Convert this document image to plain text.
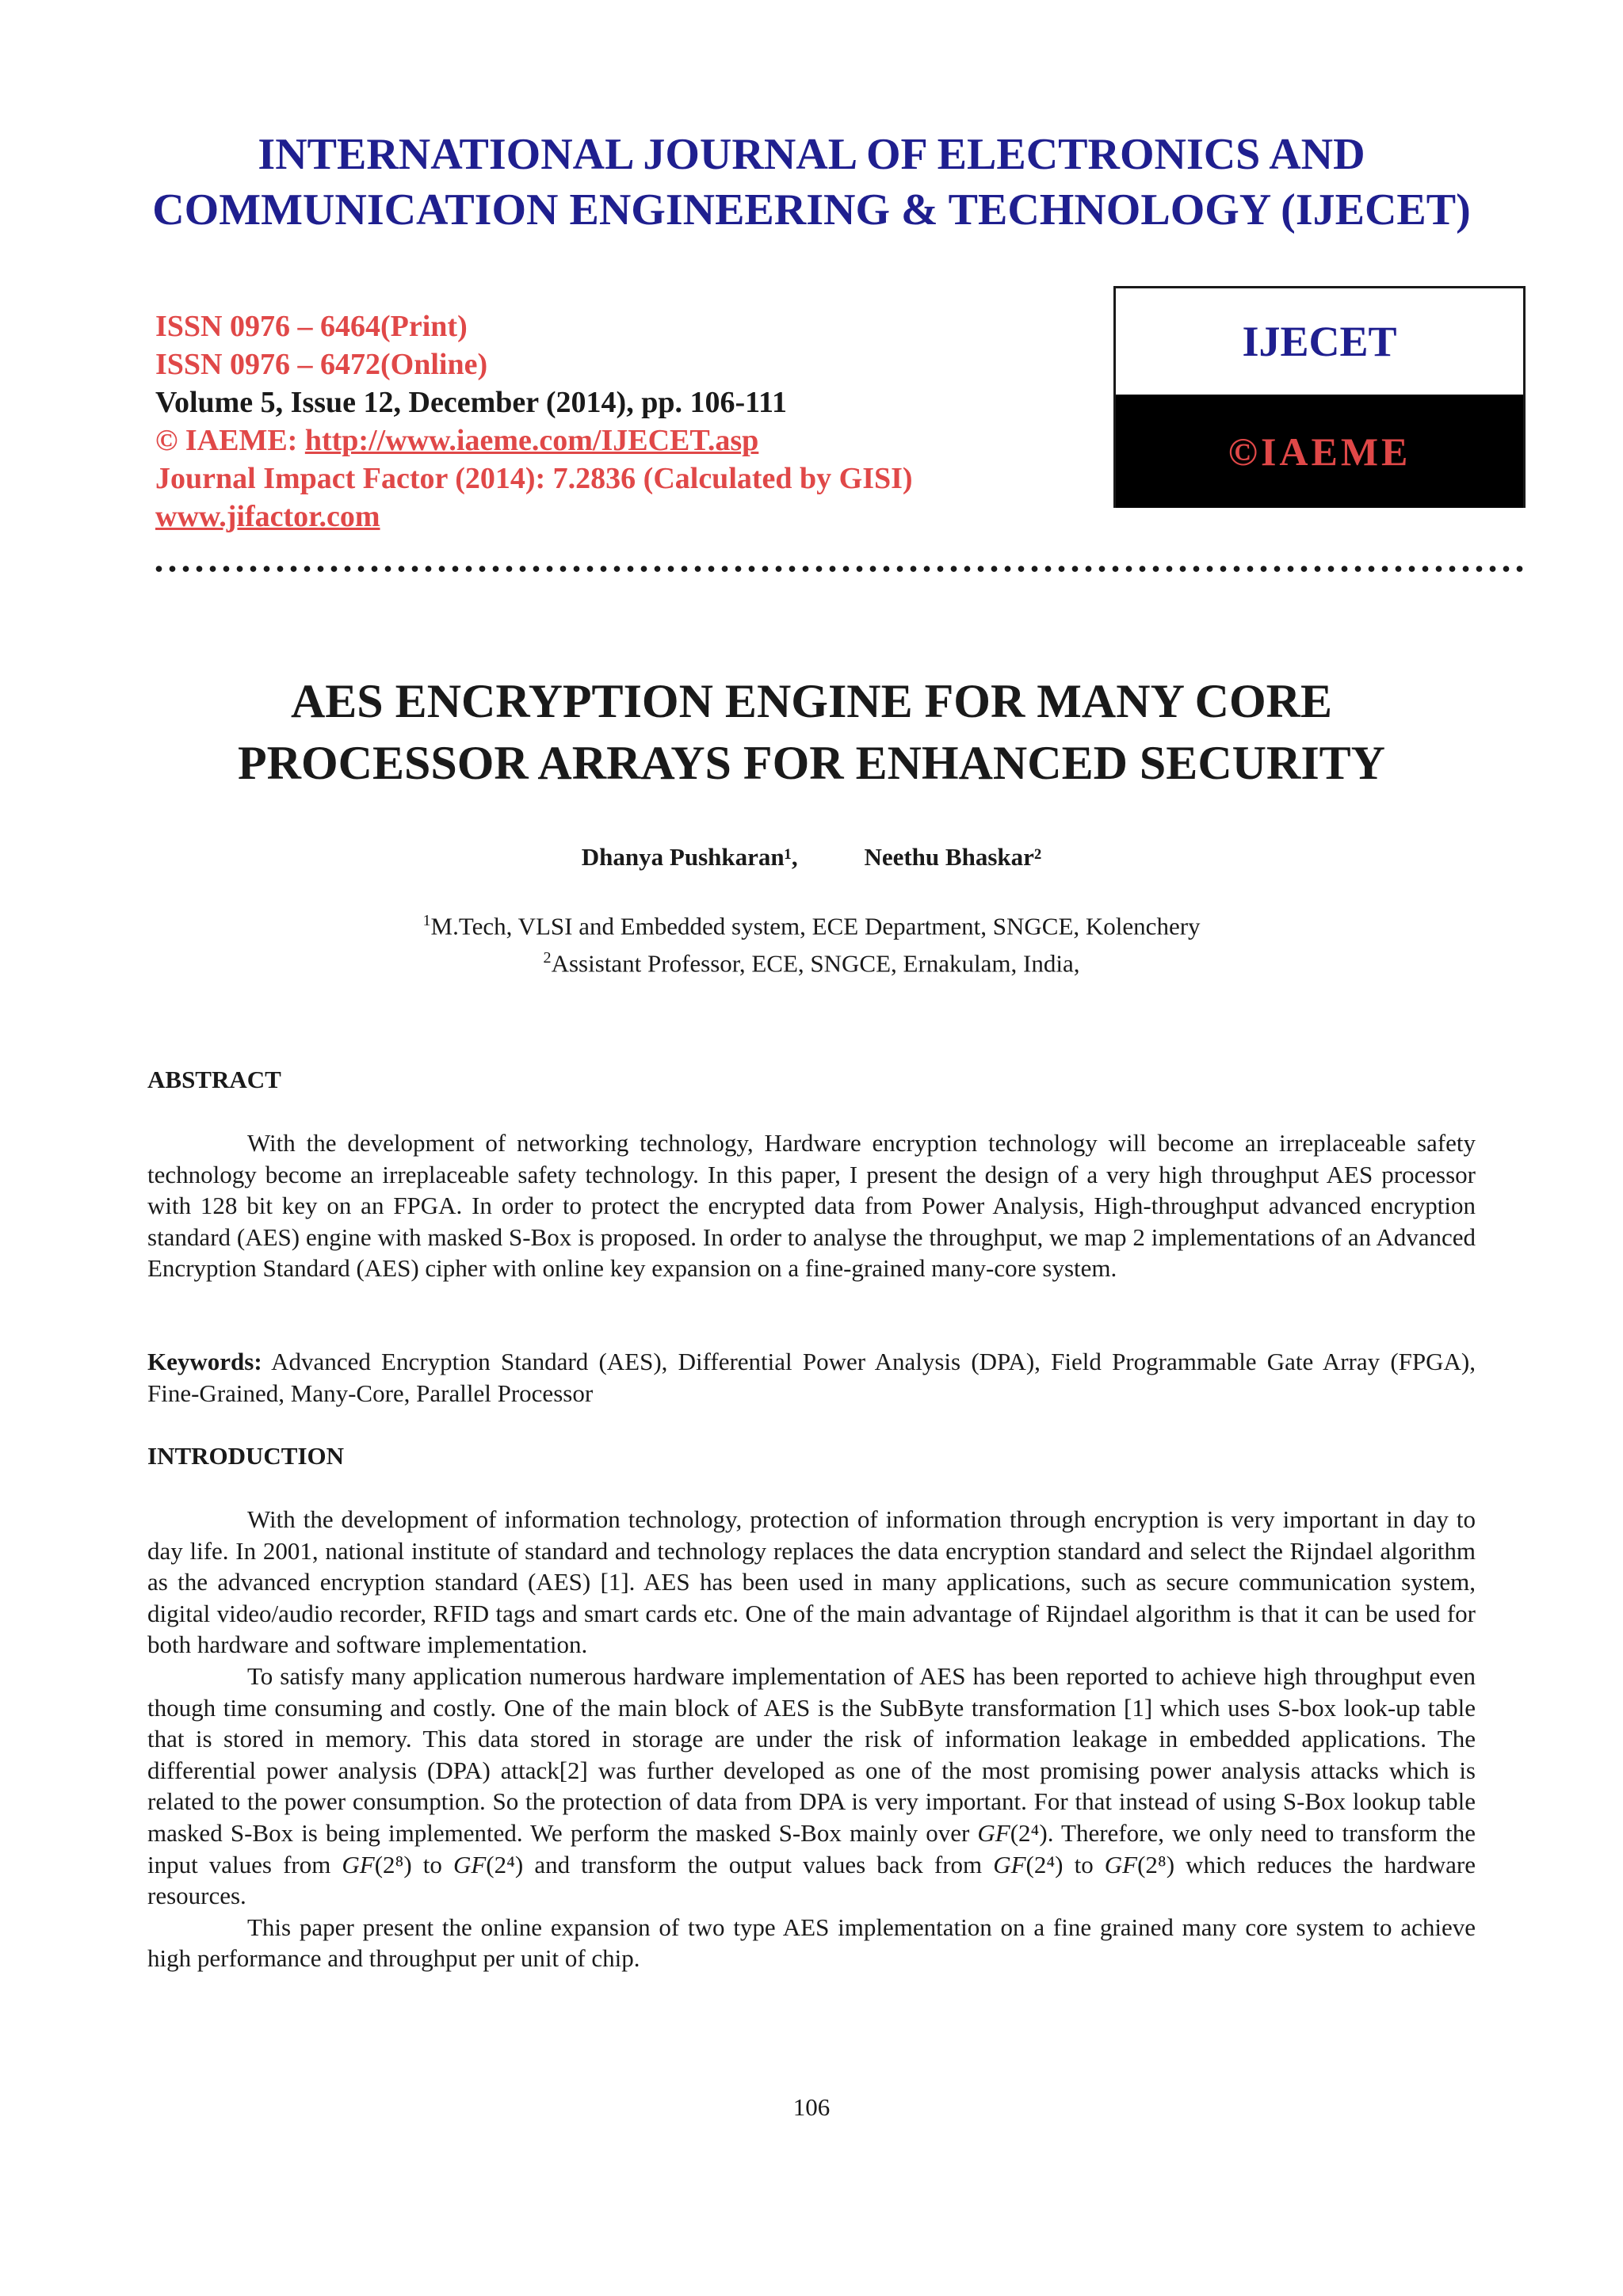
INTERNATIONAL JOURNAL OF ELECTRONICS AND
COMMUNICATION ENGINEERING & TECHNOLOGY (IJECET)
ISSN 0976 – 6464(Print)
ISSN 0976 – 6472(Online)
Volume 5, Issue 12, December (2014), pp. 106-111
© IAEME: http://www.iaeme.com/IJECET.asp
Journal Impact Factor (2014): 7.2836 (Calculated by GISI)
www.jifactor.com
IJECET
©IAEME
AES ENCRYPTION ENGINE FOR MANY CORE
PROCESSOR ARRAYS FOR ENHANCED SECURITY
Dhanya Pushkaran¹,	Neethu Bhaskar²
$^1$M.Tech, VLSI and Embedded system, ECE Department, SNGCE, Kolenchery
$^2$Assistant Professor, ECE, SNGCE, Ernakulam, India,
ABSTRACT
With the development of networking technology, Hardware encryption technology will become an irreplaceable safety technology become an irreplaceable safety technology. In this paper, I present the design of a very high throughput AES processor with 128 bit key on an FPGA. In order to protect the encrypted data from Power Analysis, High-throughput advanced encryption standard (AES) engine with masked S-Box is proposed. In order to analyse the throughput, we map 2 implementations of an Advanced Encryption Standard (AES) cipher with online key expansion on a fine-grained many-core system.
Keywords: Advanced Encryption Standard (AES), Differential Power Analysis (DPA), Field Programmable Gate Array (FPGA), Fine-Grained, Many-Core, Parallel Processor
INTRODUCTION
With the development of information technology, protection of information through encryption is very important in day to day life. In 2001, national institute of standard and technology replaces the data encryption standard and select the Rijndael algorithm as the advanced encryption standard (AES) [1]. AES has been used in many applications, such as secure communication system, digital video/audio recorder, RFID tags and smart cards etc. One of the main advantage of Rijndael algorithm is that it can be used for both hardware and software implementation.
To satisfy many application numerous hardware implementation of AES has been reported to achieve high throughput even though time consuming and costly. One of the main block of AES is the SubByte transformation [1] which uses S-box look-up table that is stored in memory. This data stored in storage are under the risk of information leakage in embedded applications. The differential power analysis (DPA) attack[2] was further developed as one of the most promising power analysis attacks which is related to the power consumption. So the protection of data from DPA is very important. For that instead of using S-Box lookup table masked S-Box is being implemented. We perform the masked S-Box mainly over GF(2⁴). Therefore, we only need to transform the input values from GF(2⁸) to GF(2⁴) and transform the output values back from GF(2⁴) to GF(2⁸) which reduces the hardware resources.
This paper present the online expansion of two type AES implementation on a fine grained many core system to achieve high performance and throughput per unit of chip.
106
